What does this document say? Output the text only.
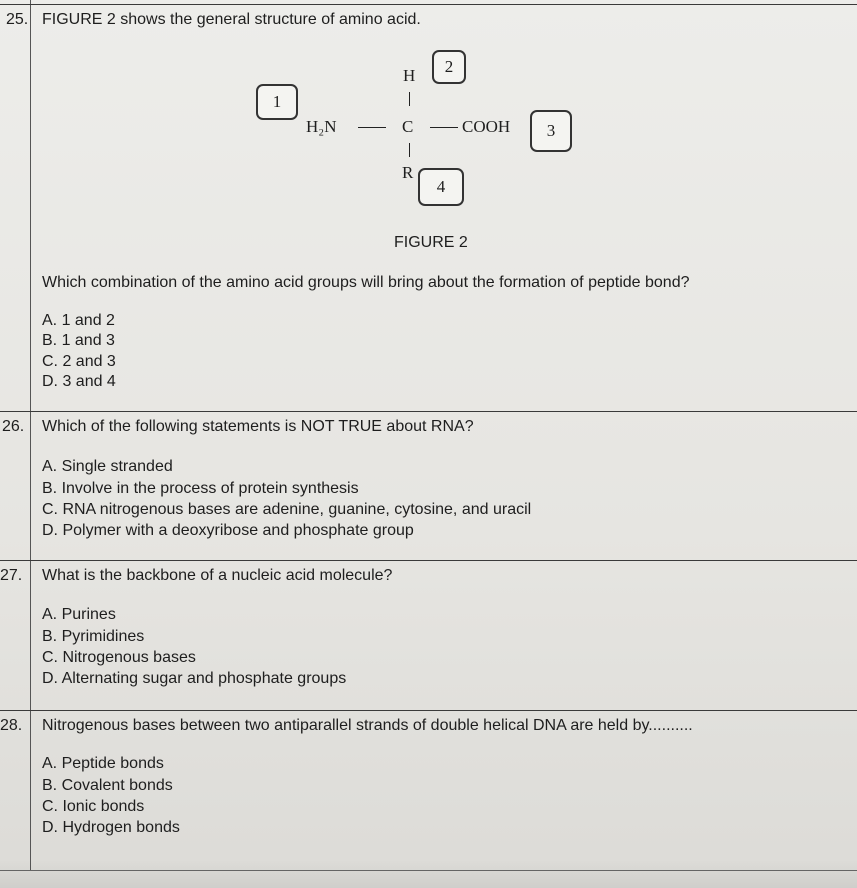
25. FIGURE 2 shows the general structure of amino acid.
1
2
3
4
H
H₂N	C	COOH
R
FIGURE 2
Which combination of the amino acid groups will bring about the formation of peptide bond?
A. 1 and 2
B. 1 and 3
C. 2 and 3
D. 3 and 4
26. Which of the following statements is NOT TRUE about RNA?
A. Single stranded
B. Involve in the process of protein synthesis
C. RNA nitrogenous bases are adenine, guanine, cytosine, and uracil
D. Polymer with a deoxyribose and phosphate group
27. What is the backbone of a nucleic acid molecule?
A. Purines
B. Pyrimidines
C. Nitrogenous bases
D. Alternating sugar and phosphate groups
28. Nitrogenous bases between two antiparallel strands of double helical DNA are held by..........
A. Peptide bonds
B. Covalent bonds
C. Ionic bonds
D. Hydrogen bonds
